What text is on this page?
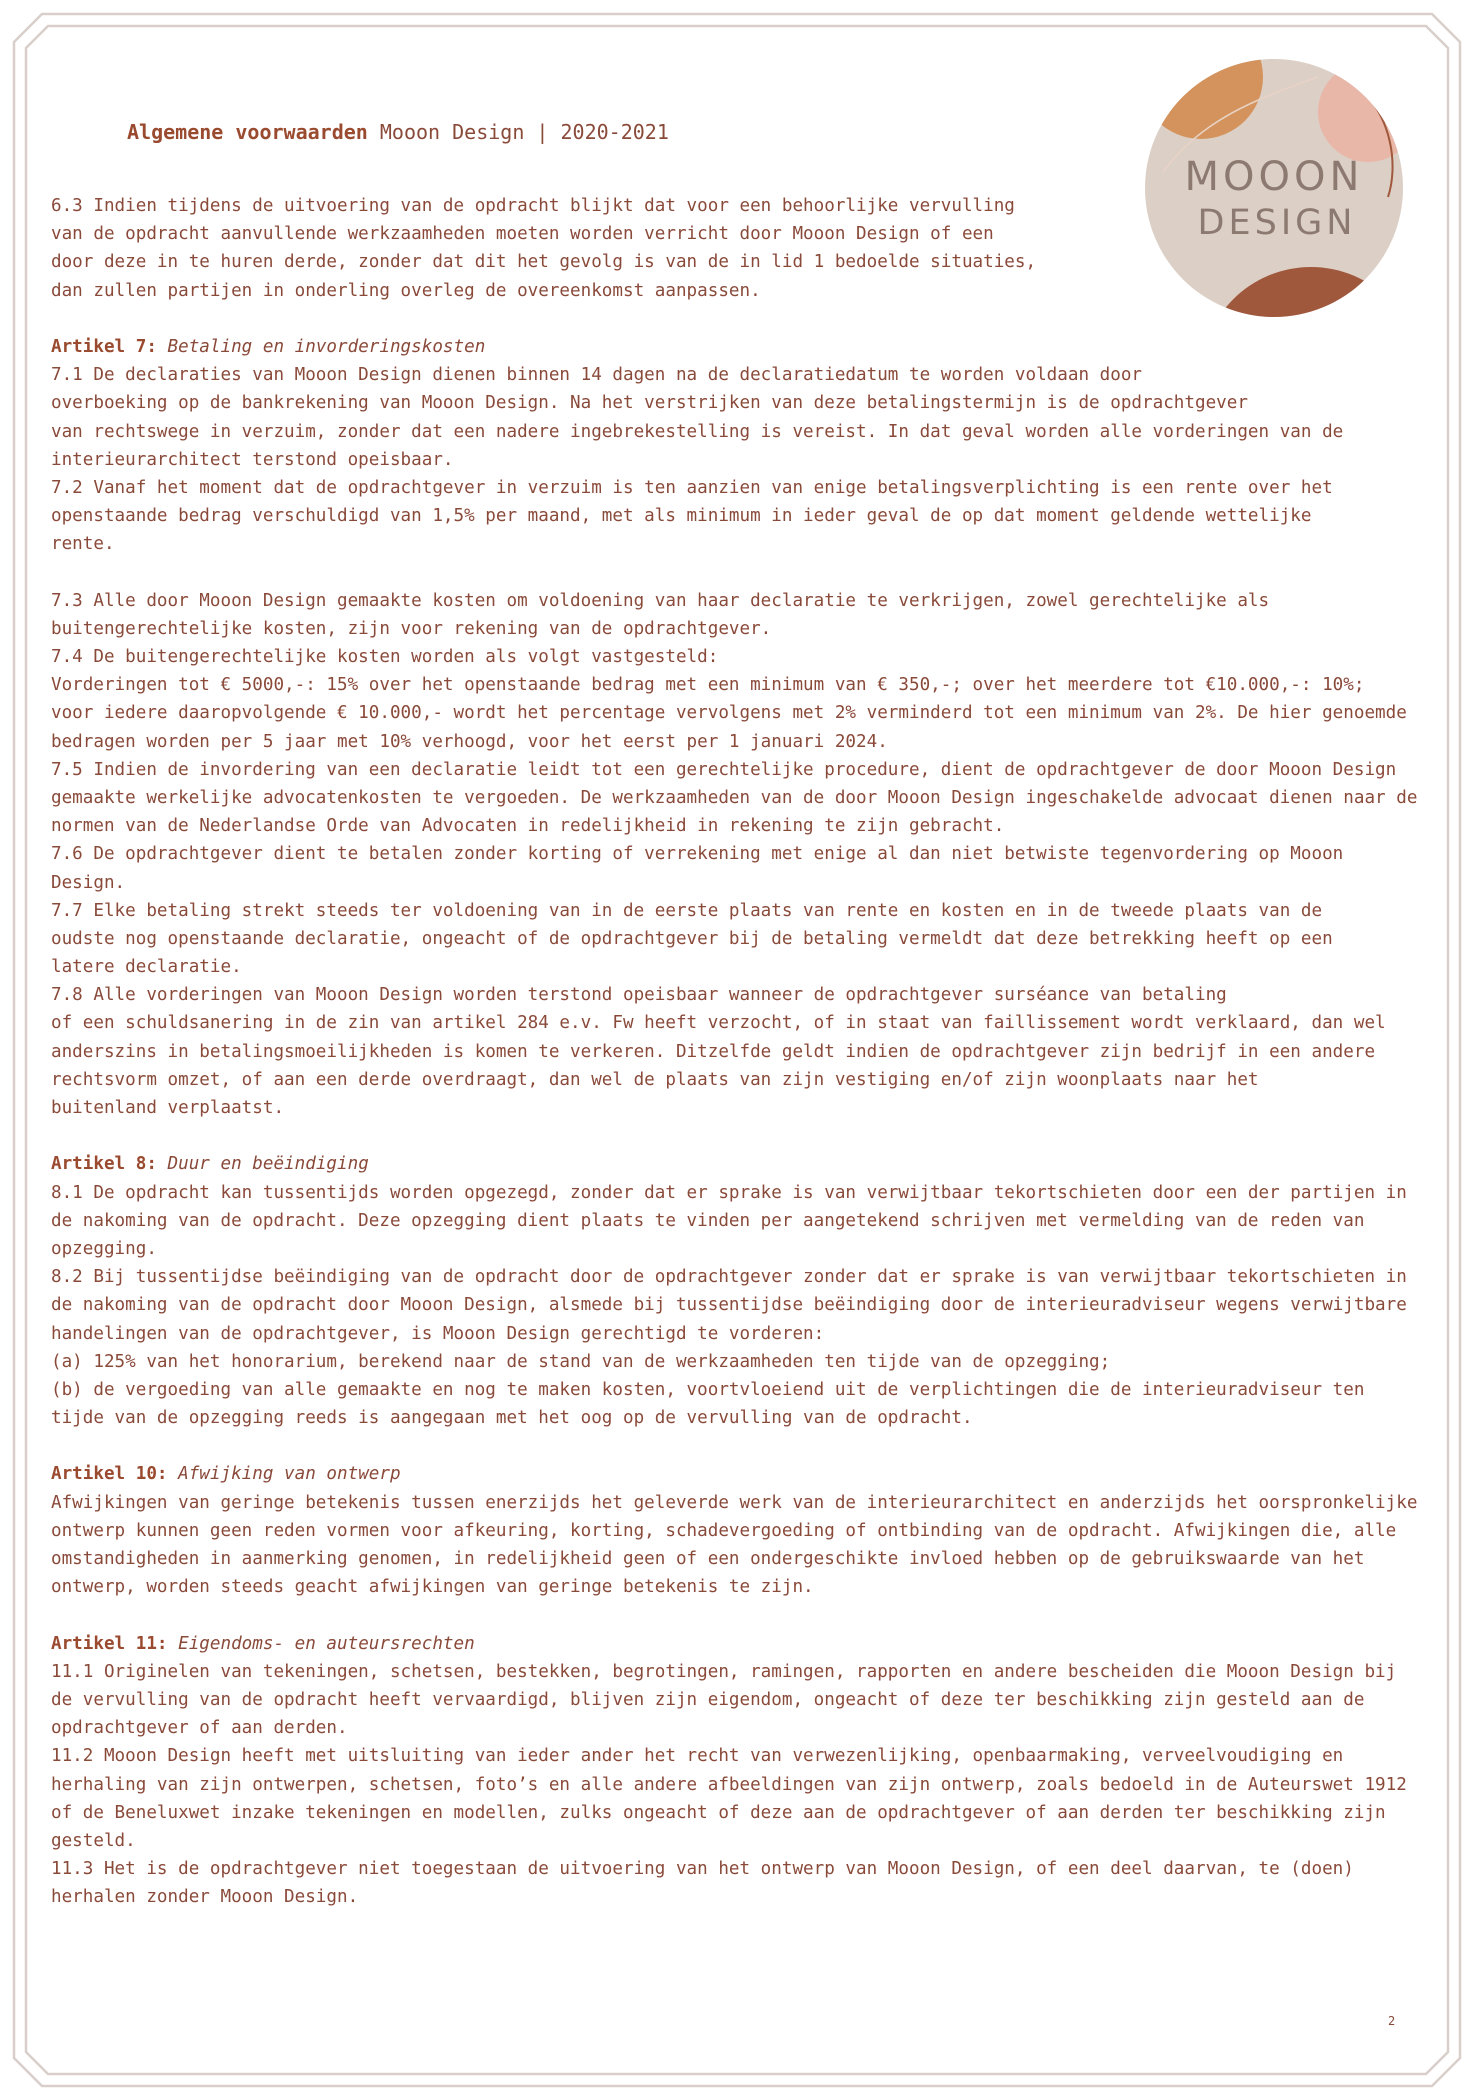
MOOON
DESIGN
Algemene voorwaarden Mooon Design | 2020-2021
6.3 Indien tijdens de uitvoering van de opdracht blijkt dat voor een behoorlijke vervulling
van de opdracht aanvullende werkzaamheden moeten worden verricht door Mooon Design of een
door deze in te huren derde, zonder dat dit het gevolg is van de in lid 1 bedoelde situaties,
dan zullen partijen in onderling overleg de overeenkomst aanpassen.
Artikel 7: Betaling en invorderingskosten
7.1 De declaraties van Mooon Design dienen binnen 14 dagen na de declaratiedatum te worden voldaan door
overboeking op de bankrekening van Mooon Design. Na het verstrijken van deze betalingstermijn is de opdrachtgever
van rechtswege in verzuim, zonder dat een nadere ingebrekestelling is vereist. In dat geval worden alle vorderingen van de
interieurarchitect terstond opeisbaar.
7.2 Vanaf het moment dat de opdrachtgever in verzuim is ten aanzien van enige betalingsverplichting is een rente over het
openstaande bedrag verschuldigd van 1,5% per maand, met als minimum in ieder geval de op dat moment geldende wettelijke
rente.
7.3 Alle door Mooon Design gemaakte kosten om voldoening van haar declaratie te verkrijgen, zowel gerechtelijke als
buitengerechtelijke kosten, zijn voor rekening van de opdrachtgever.
7.4 De buitengerechtelijke kosten worden als volgt vastgesteld:
Vorderingen tot € 5000,-: 15% over het openstaande bedrag met een minimum van € 350,-; over het meerdere tot €10.000,-: 10%;
voor iedere daaropvolgende € 10.000,- wordt het percentage vervolgens met 2% verminderd tot een minimum van 2%. De hier genoemde
bedragen worden per 5 jaar met 10% verhoogd, voor het eerst per 1 januari 2024.
7.5 Indien de invordering van een declaratie leidt tot een gerechtelijke procedure, dient de opdrachtgever de door Mooon Design
gemaakte werkelijke advocatenkosten te vergoeden. De werkzaamheden van de door Mooon Design ingeschakelde advocaat dienen naar de
normen van de Nederlandse Orde van Advocaten in redelijkheid in rekening te zijn gebracht.
7.6 De opdrachtgever dient te betalen zonder korting of verrekening met enige al dan niet betwiste tegenvordering op Mooon
Design.
7.7 Elke betaling strekt steeds ter voldoening van in de eerste plaats van rente en kosten en in de tweede plaats van de
oudste nog openstaande declaratie, ongeacht of de opdrachtgever bij de betaling vermeldt dat deze betrekking heeft op een
latere declaratie.
7.8 Alle vorderingen van Mooon Design worden terstond opeisbaar wanneer de opdrachtgever surséance van betaling
of een schuldsanering in de zin van artikel 284 e.v. Fw heeft verzocht, of in staat van faillissement wordt verklaard, dan wel
anderszins in betalingsmoeilijkheden is komen te verkeren. Ditzelfde geldt indien de opdrachtgever zijn bedrijf in een andere
rechtsvorm omzet, of aan een derde overdraagt, dan wel de plaats van zijn vestiging en/of zijn woonplaats naar het
buitenland verplaatst.
Artikel 8: Duur en beëindiging
8.1 De opdracht kan tussentijds worden opgezegd, zonder dat er sprake is van verwijtbaar tekortschieten door een der partijen in
de nakoming van de opdracht. Deze opzegging dient plaats te vinden per aangetekend schrijven met vermelding van de reden van
opzegging.
8.2 Bij tussentijdse beëindiging van de opdracht door de opdrachtgever zonder dat er sprake is van verwijtbaar tekortschieten in
de nakoming van de opdracht door Mooon Design, alsmede bij tussentijdse beëindiging door de interieuradviseur wegens verwijtbare
handelingen van de opdrachtgever, is Mooon Design gerechtigd te vorderen:
(a) 125% van het honorarium, berekend naar de stand van de werkzaamheden ten tijde van de opzegging;
(b) de vergoeding van alle gemaakte en nog te maken kosten, voortvloeiend uit de verplichtingen die de interieuradviseur ten
tijde van de opzegging reeds is aangegaan met het oog op de vervulling van de opdracht.
Artikel 10: Afwijking van ontwerp
Afwijkingen van geringe betekenis tussen enerzijds het geleverde werk van de interieurarchitect en anderzijds het oorspronkelijke
ontwerp kunnen geen reden vormen voor afkeuring, korting, schadevergoeding of ontbinding van de opdracht. Afwijkingen die, alle
omstandigheden in aanmerking genomen, in redelijkheid geen of een ondergeschikte invloed hebben op de gebruikswaarde van het
ontwerp, worden steeds geacht afwijkingen van geringe betekenis te zijn.
Artikel 11: Eigendoms- en auteursrechten
11.1 Originelen van tekeningen, schetsen, bestekken, begrotingen, ramingen, rapporten en andere bescheiden die Mooon Design bij
de vervulling van de opdracht heeft vervaardigd, blijven zijn eigendom, ongeacht of deze ter beschikking zijn gesteld aan de
opdrachtgever of aan derden.
11.2 Mooon Design heeft met uitsluiting van ieder ander het recht van verwezenlijking, openbaarmaking, verveelvoudiging en
herhaling van zijn ontwerpen, schetsen, foto’s en alle andere afbeeldingen van zijn ontwerp, zoals bedoeld in de Auteurswet 1912
of de Beneluxwet inzake tekeningen en modellen, zulks ongeacht of deze aan de opdrachtgever of aan derden ter beschikking zijn
gesteld.
11.3 Het is de opdrachtgever niet toegestaan de uitvoering van het ontwerp van Mooon Design, of een deel daarvan, te (doen)
herhalen zonder Mooon Design.
2
